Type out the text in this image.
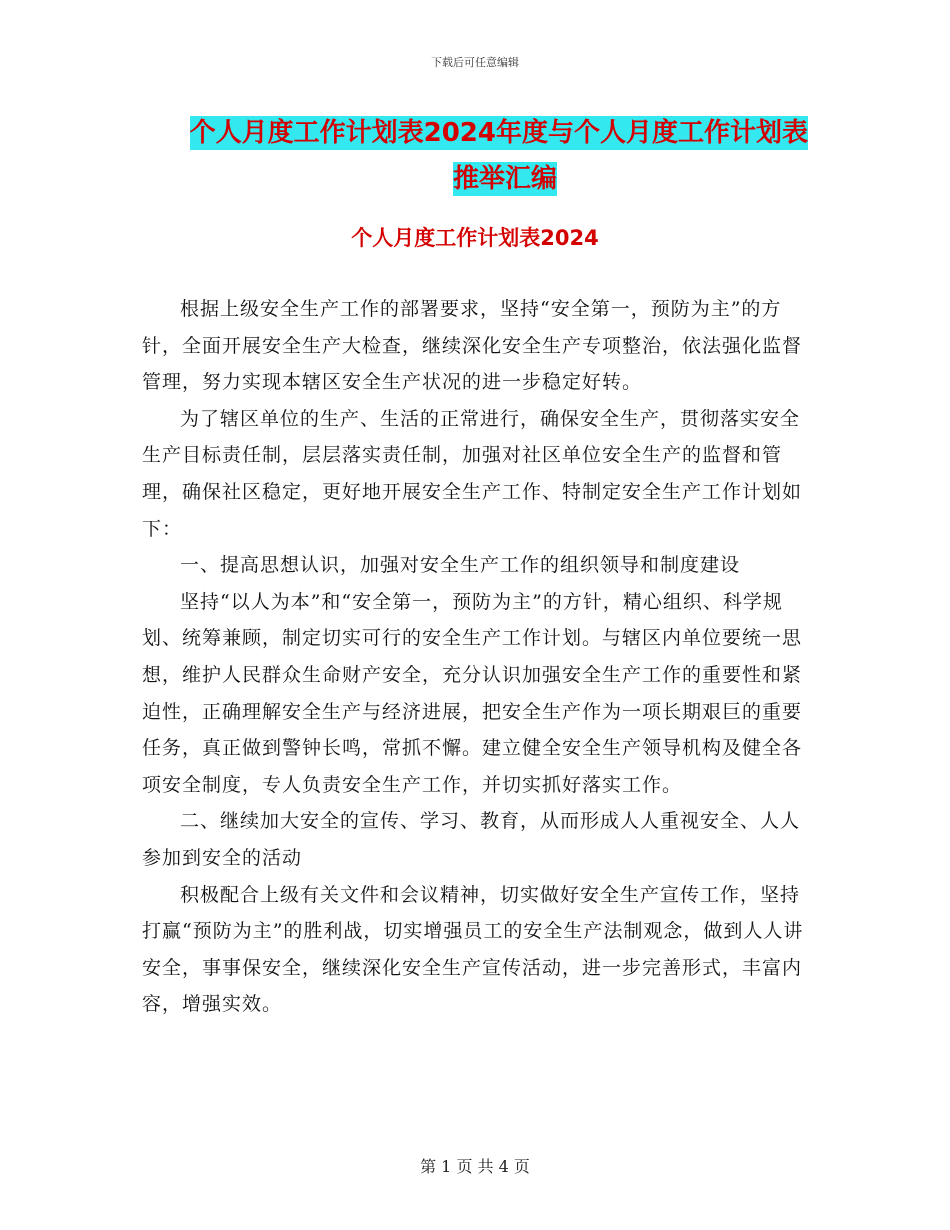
下载后可任意编辑
个人月度工作计划表2024年度与个人月度工作计划表
推举汇编
个人月度工作计划表2024

根据上级安全生产工作的部署要求，坚持“安全第一，预防为主”的方针，全面开展安全生产大检查，继续深化安全生产专项整治，依法强化监督管理，努力实现本辖区安全生产状况的进一步稳定好转。

为了辖区单位的生产、生活的正常进行，确保安全生产，贯彻落实安全生产目标责任制，层层落实责任制，加强对社区单位安全生产的监督和管理，确保社区稳定，更好地开展安全生产工作、特制定安全生产工作计划如下：

一、提高思想认识，加强对安全生产工作的组织领导和制度建设

坚持“以人为本”和“安全第一，预防为主”的方针，精心组织、科学规划、统筹兼顾，制定切实可行的安全生产工作计划。与辖区内单位要统一思想，维护人民群众生命财产安全，充分认识加强安全生产工作的重要性和紧迫性，正确理解安全生产与经济进展，把安全生产作为一项长期艰巨的重要任务，真正做到警钟长鸣，常抓不懈。建立健全安全生产领导机构及健全各项安全制度，专人负责安全生产工作，并切实抓好落实工作。

二、继续加大安全的宣传、学习、教育，从而形成人人重视安全、人人参加到安全的活动

积极配合上级有关文件和会议精神，切实做好安全生产宣传工作，坚持打赢“预防为主”的胜利战，切实增强员工的安全生产法制观念，做到人人讲安全，事事保安全，继续深化安全生产宣传活动，进一步完善形式，丰富内容，增强实效。

第 1 页 共 4 页
